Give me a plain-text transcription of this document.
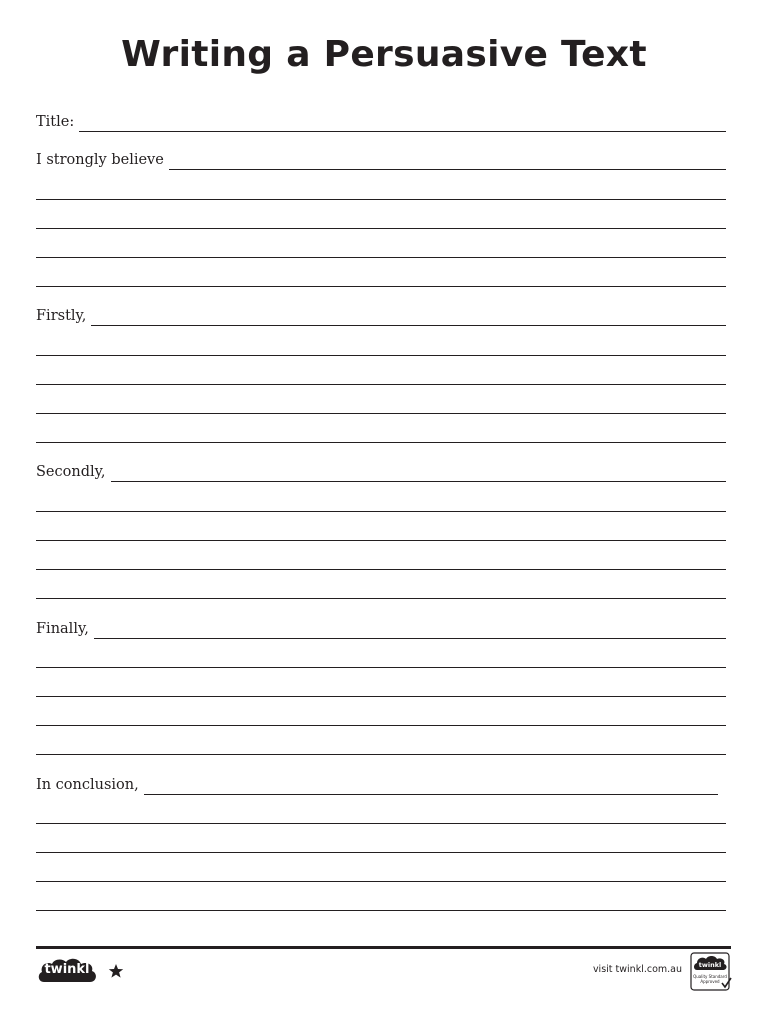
Writing a Persuasive Text
Title:
I strongly believe
Firstly,
Secondly,
Finally,
In conclusion,
twinkl	visit twinkl.com.au	twinkl
Quality Standard
Approved
